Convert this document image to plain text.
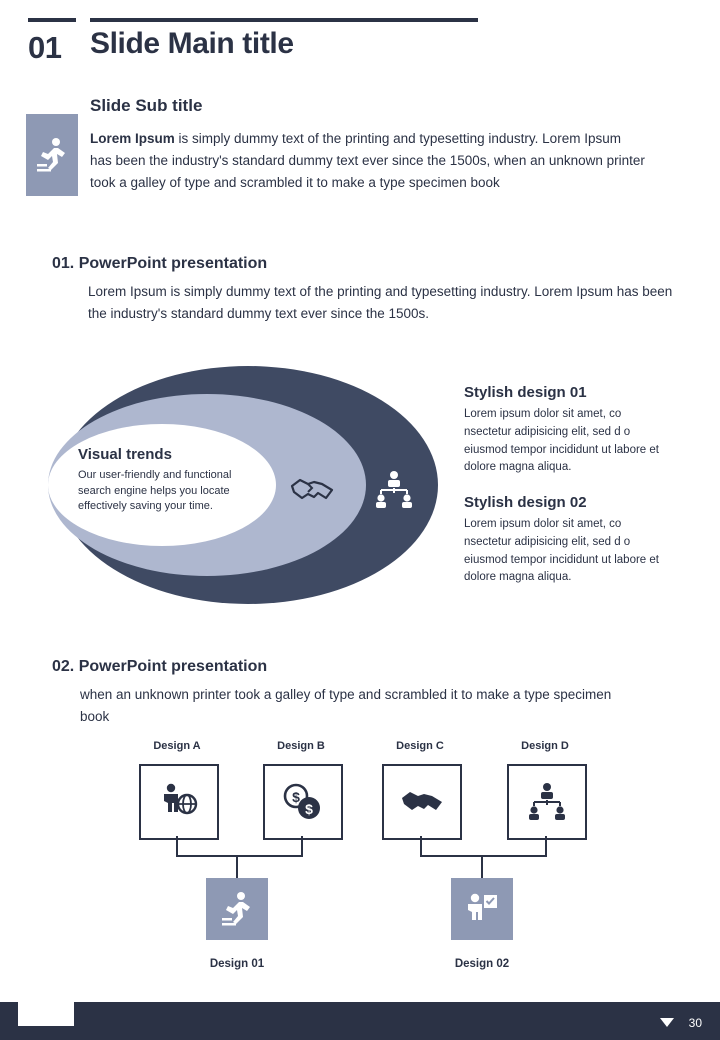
01 Slide Main title
Slide Sub title
Lorem Ipsum is simply dummy text of the printing and typesetting industry. Lorem Ipsum has been the industry's standard dummy text ever since the 1500s, when an unknown printer took a galley of type and scrambled it to make a type specimen book
01. PowerPoint presentation
Lorem Ipsum is simply dummy text of the printing and typesetting industry. Lorem Ipsum has been the industry's standard dummy text ever since the 1500s.
Visual trends
Our user-friendly and functional search engine helps you locate effectively saving your time.
Stylish design 01
Lorem ipsum dolor sit amet, co nsectetur adipisicing elit, sed d o eiusmod tempor incididunt ut labore et dolore magna aliqua.
Stylish design 02
Lorem ipsum dolor sit amet, co nsectetur adipisicing elit, sed d o eiusmod tempor incididunt ut labore et dolore magna aliqua.
02. PowerPoint presentation
when an unknown printer took a galley of type and scrambled it to make a type specimen book
Design A	Design B	Design C	Design D
$
$
Design 01	Design 02
30
